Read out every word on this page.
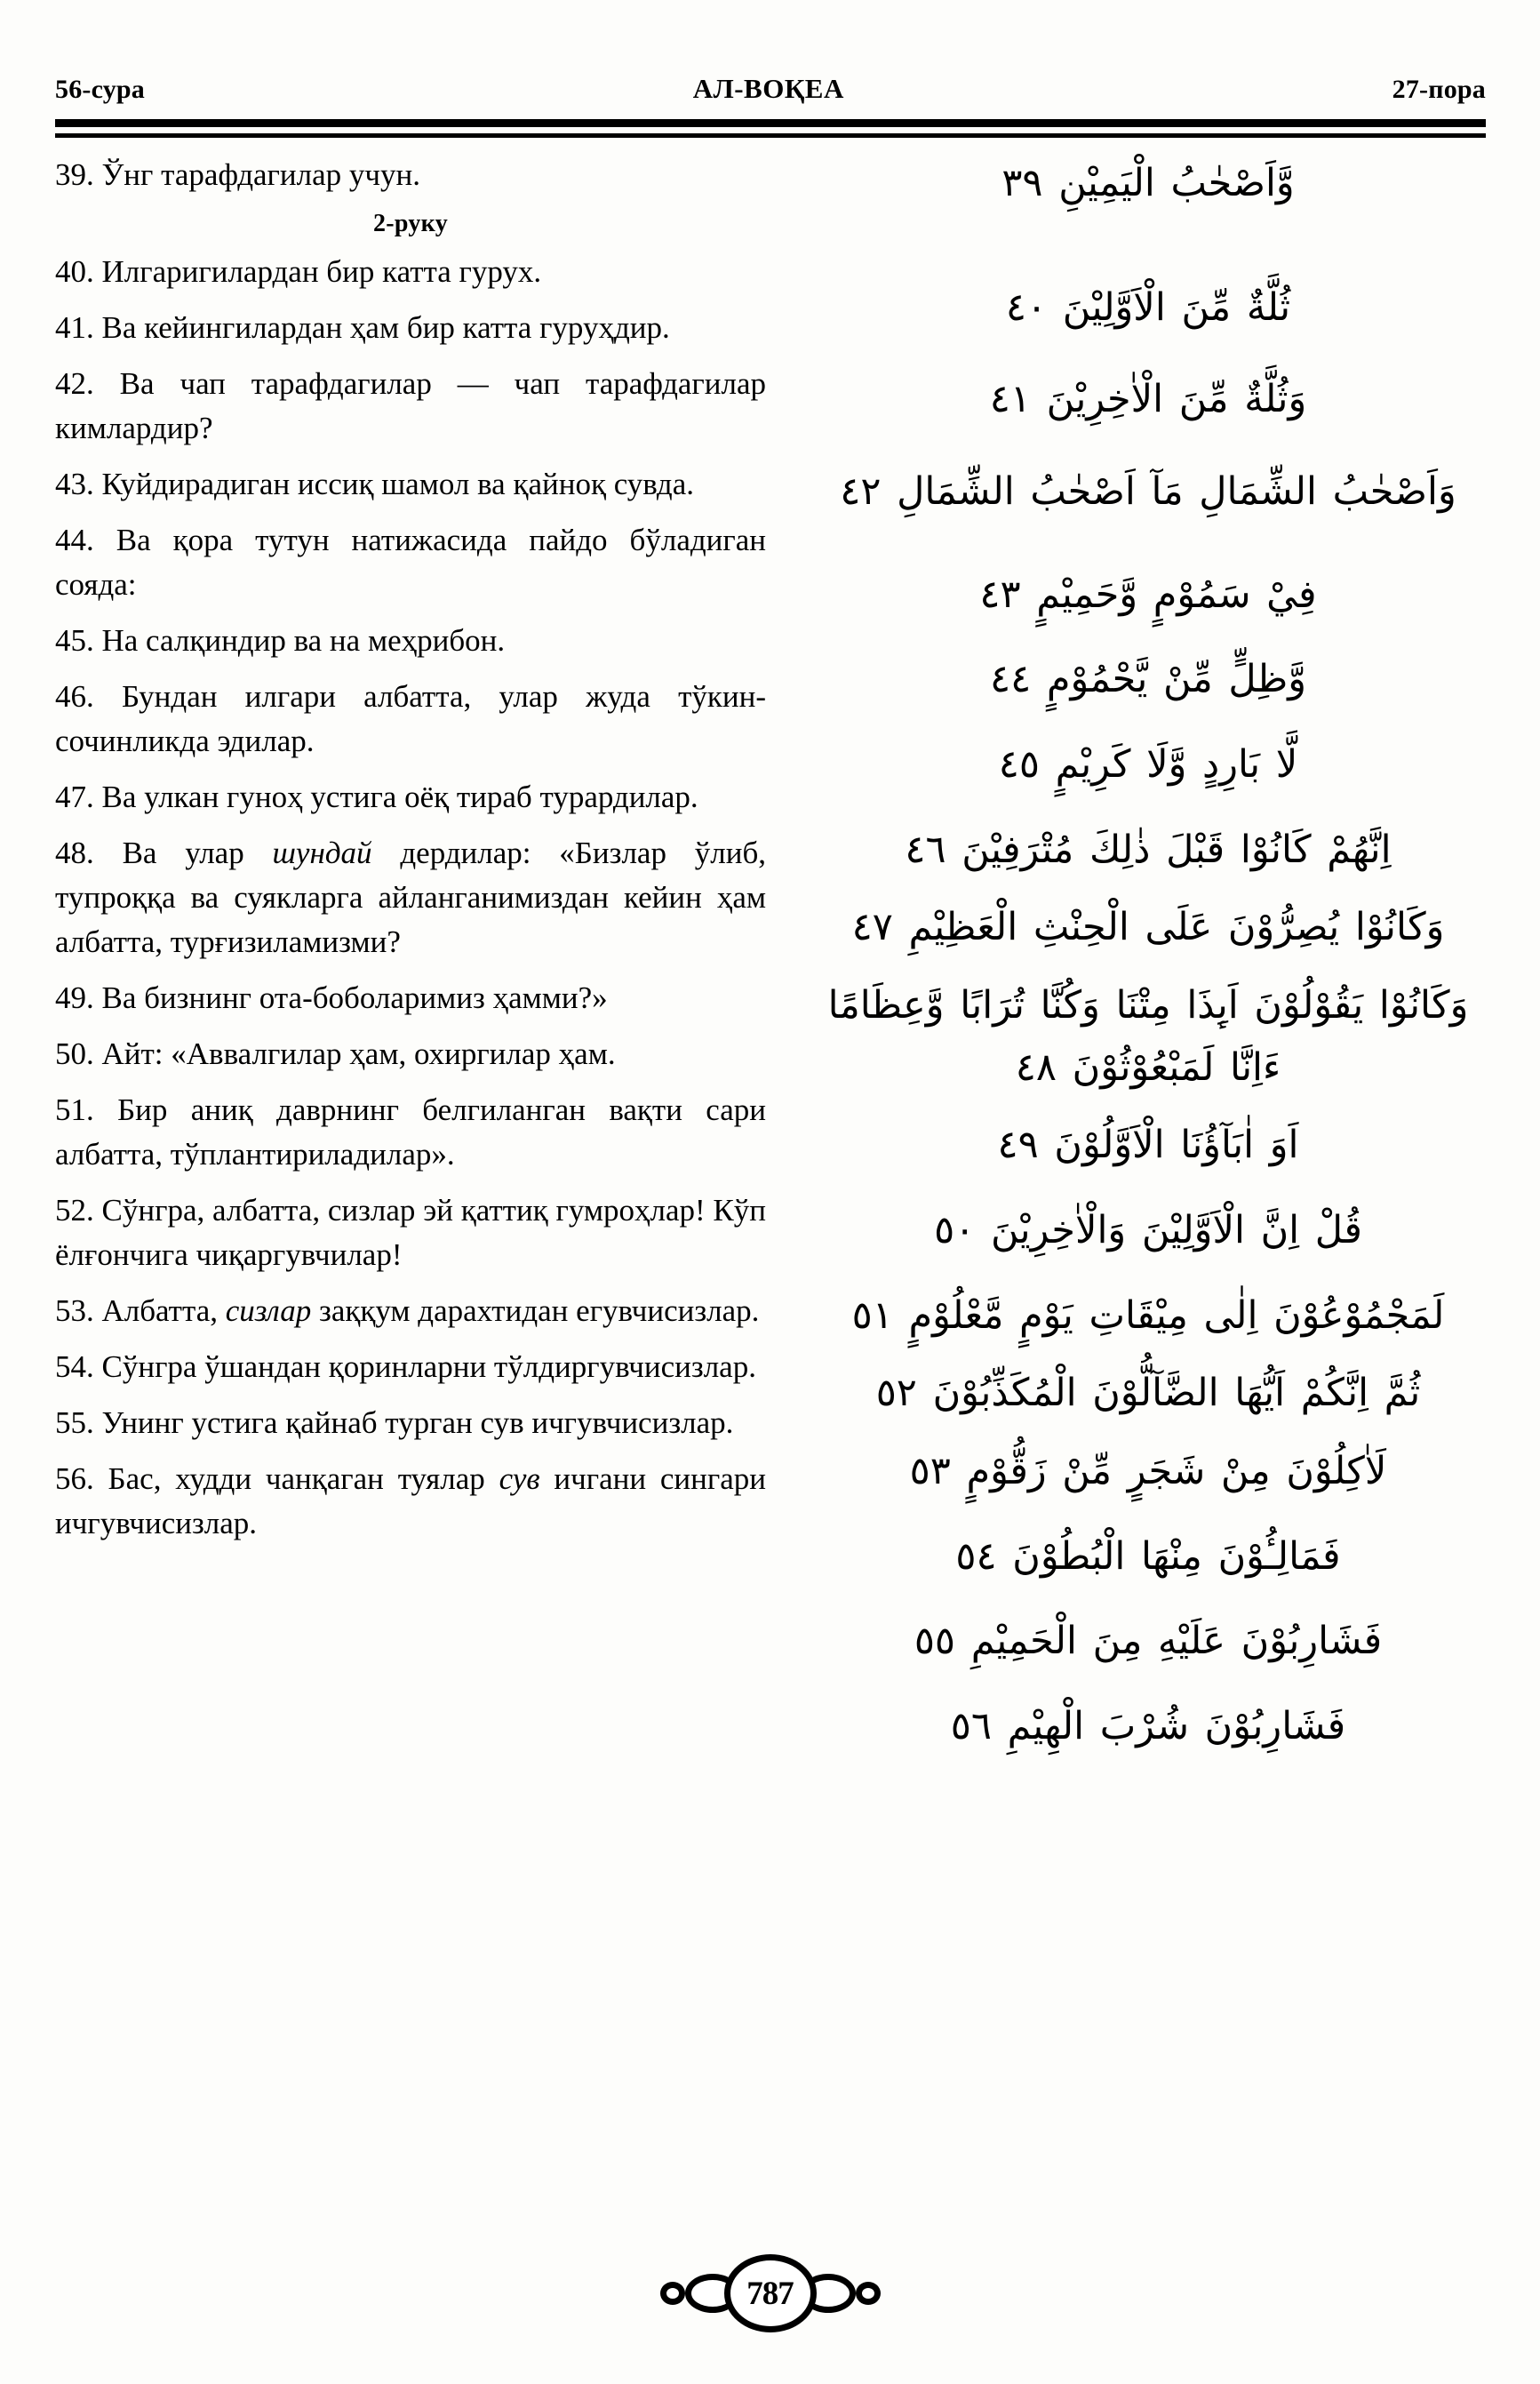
56-сура	АЛ-ВОҚЕА	27-пора

39. Ўнг тарафдагилар учун.

2-руку

40. Илгаригилардан бир катта гурух.

41. Ва кейингилардан ҳам бир катта гуруҳдир.

42. Ва чап тарафдагилар — чап тарафдагилар кимлардир?

43. Куйдирадиган иссиқ шамол ва қайноқ сувда.

44. Ва қора тутун натижасида пайдо бўладиган сояда:

45. На салқиндир ва на меҳрибон.

46. Бундан илгари албатта, улар жуда тўкин-сочинликда эдилар.

47. Ва улкан гуноҳ устига оёқ тираб турардилар.

48. Ва улар шундай дердилар: «Бизлар ўлиб, тупроққа ва суякларга айланганимиздан кейин ҳам албатта, турғизиламизми?

49. Ва бизнинг ота-боболаримиз ҳамми?»

50. Айт: «Аввалгилар ҳам, охиргилар ҳам.

51. Бир аниқ даврнинг белгиланган вақти сари албатта, тўплантириладилар».

52. Сўнгра, албатта, сизлар эй қаттиқ гумроҳлар! Кўп ёлғончига чиқаргувчилар!

53. Албатта, сизлар заққум дарахтидан егувчисизлар.

54. Сўнгра ўшандан қоринларни тўлдиргувчисизлар.

55. Унинг устига қайнаб турган сув ичгувчисизлар.

56. Бас, худди чанқаган туялар сув ичгани сингари ичгувчисизлар.

وَّاَصْحٰبُ الْيَمِيْنِ ٣٩

ثُلَّةٌ مِّنَ الْاَوَّلِيْنَ ٤٠

وَثُلَّةٌ مِّنَ الْاٰخِرِيْنَ ٤١

وَاَصْحٰبُ الشِّمَالِ مَآ اَصْحٰبُ الشِّمَالِ ٤٢

فِيْ سَمُوْمٍ وَّحَمِيْمٍ ٤٣

وَّظِلٍّ مِّنْ يَّحْمُوْمٍ ٤٤

لَّا بَارِدٍ وَّلَا كَرِيْمٍ ٤٥

اِنَّهُمْ كَانُوْا قَبْلَ ذٰلِكَ مُتْرَفِيْنَ ٤٦

وَكَانُوْا يُصِرُّوْنَ عَلَى الْحِنْثِ الْعَظِيْمِ ٤٧

وَكَانُوْا يَقُوْلُوْنَ اَىِٕذَا مِتْنَا وَكُنَّا تُرَابًا وَّعِظَامًا ءَاِنَّا لَمَبْعُوْثُوْنَ ٤٨

اَوَ اٰبَآؤُنَا الْاَوَّلُوْنَ ٤٩

قُلْ اِنَّ الْاَوَّلِيْنَ وَالْاٰخِرِيْنَ ٥٠

لَمَجْمُوْعُوْنَ اِلٰى مِيْقَاتِ يَوْمٍ مَّعْلُوْمٍ ٥١

ثُمَّ اِنَّكُمْ اَيُّهَا الضَّآلُّوْنَ الْمُكَذِّبُوْنَ ٥٢

لَاٰكِلُوْنَ مِنْ شَجَرٍ مِّنْ زَقُّوْمٍ ٥٣

فَمَالِـُٔوْنَ مِنْهَا الْبُطُوْنَ ٥٤

فَشَارِبُوْنَ عَلَيْهِ مِنَ الْحَمِيْمِ ٥٥

فَشَارِبُوْنَ شُرْبَ الْهِيْمِ ٥٦

787
